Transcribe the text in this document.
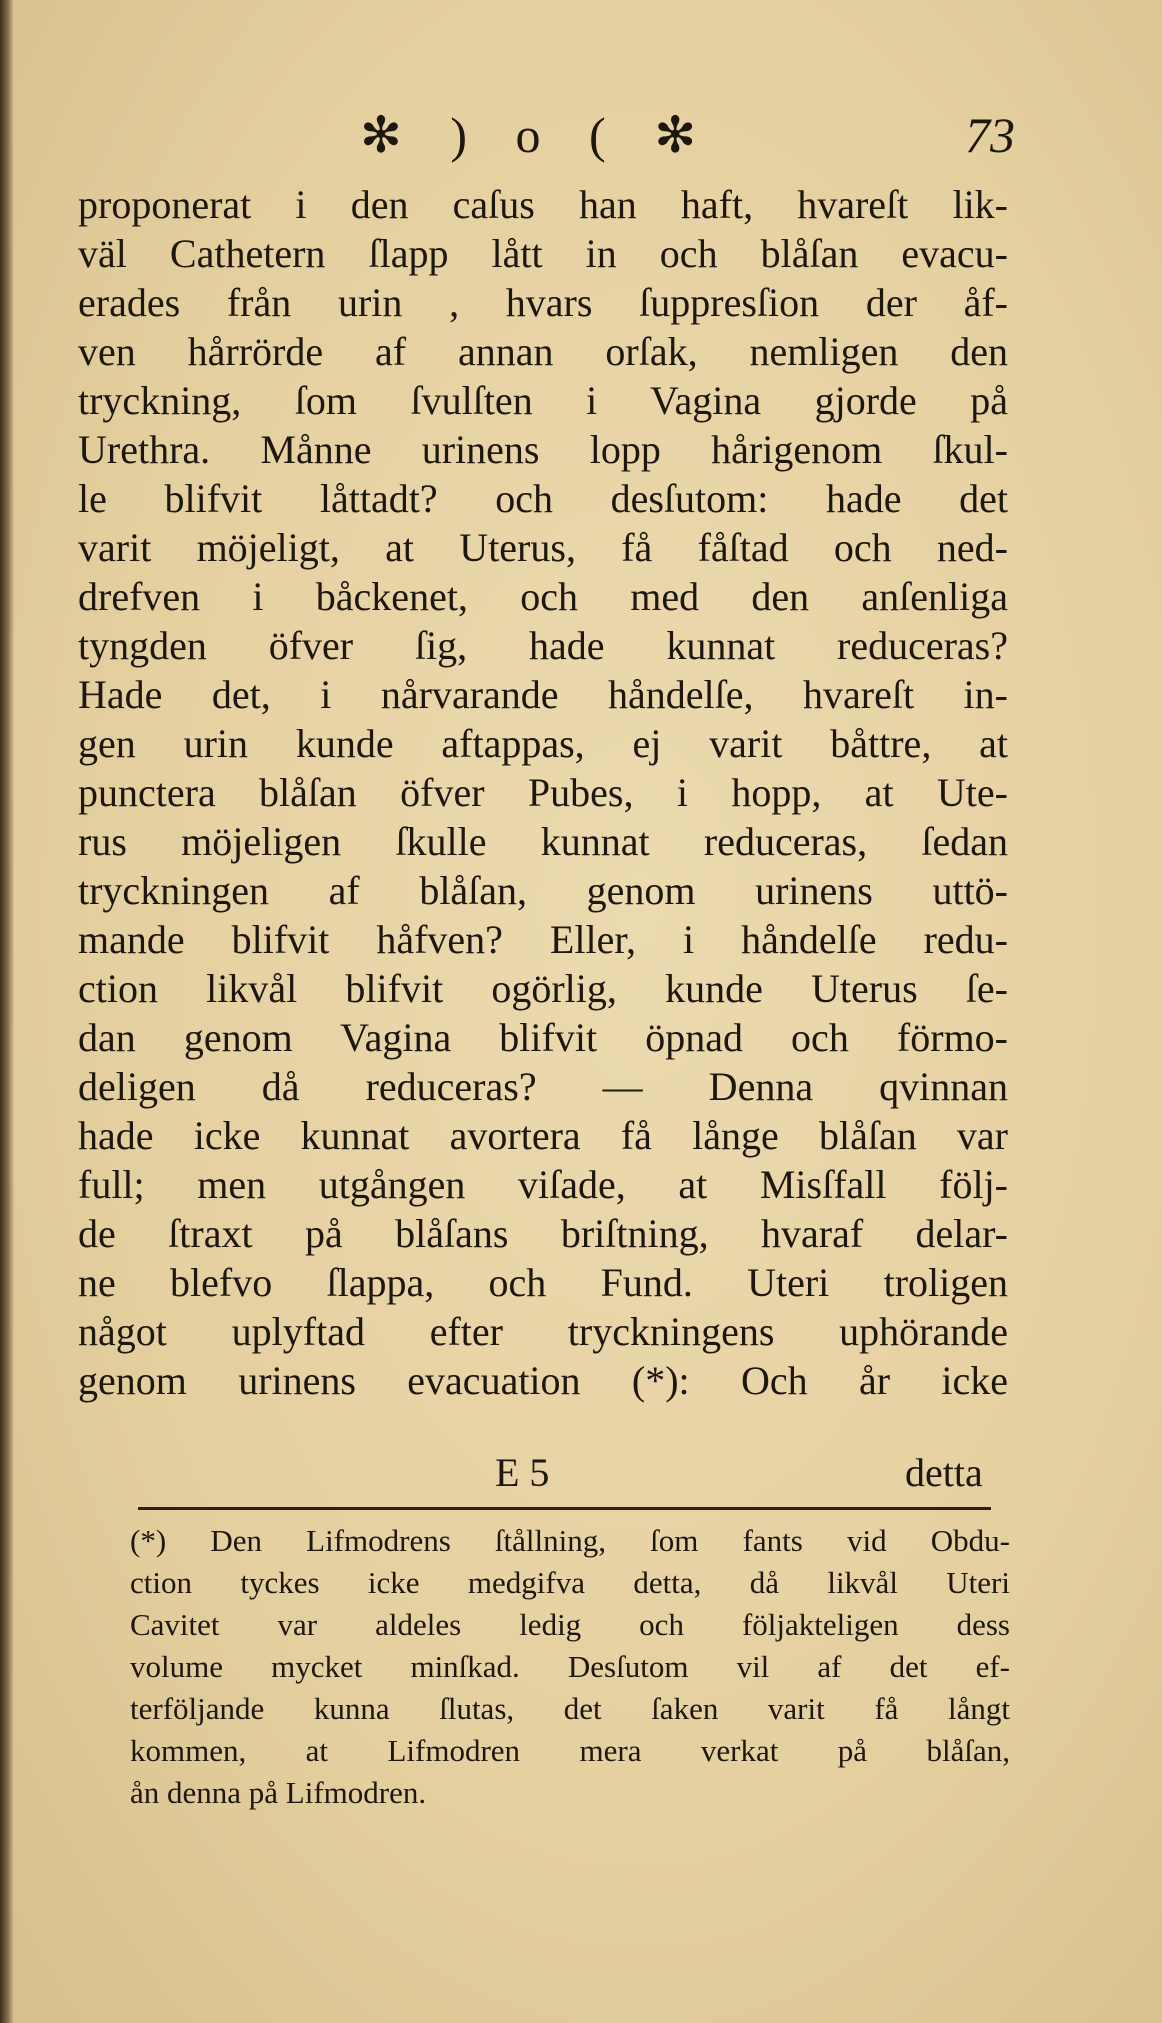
✻ ) o ( ✻	73
proponerat i den caſus han haft, hvareſt lik-
väl Cathetern ſlapp lått in och blåſan evacu-
erades från urin , hvars ſuppresſion der åf-
ven hårrörde af annan orſak, nemligen den
tryckning, ſom ſvulſten i Vagina gjorde på
Urethra. Månne urinens lopp hårigenom ſkul-
le blifvit låttadt? och desſutom: hade det
varit möjeligt, at Uterus, få fåſtad och ned-
drefven i båckenet, och med den anſenliga
tyngden öfver ſig, hade kunnat reduceras?
Hade det, i nårvarande håndelſe, hvareſt in-
gen urin kunde aftappas, ej varit båttre, at
punctera blåſan öfver Pubes, i hopp, at Ute-
rus möjeligen ſkulle kunnat reduceras, ſedan
tryckningen af blåſan, genom urinens uttö-
mande blifvit håfven? Eller, i håndelſe redu-
ction likvål blifvit ogörlig, kunde Uterus ſe-
dan genom Vagina blifvit öpnad och förmo-
deligen då reduceras? — Denna qvinnan
hade icke kunnat avortera få långe blåſan var
full; men utgången viſade, at Misſfall följ-
de ſtraxt på blåſans briſtning, hvaraf delar-
ne blefvo ſlappa, och Fund. Uteri troligen
något uplyftad efter tryckningens uphörande
genom urinens evacuation (*): Och år icke
E 5	detta
(*) Den Lifmodrens ſtållning, ſom fants vid Obdu-
ction tyckes icke medgifva detta, då likvål Uteri
Cavitet var aldeles ledig och följakteligen dess
volume mycket minſkad. Desſutom vil af det ef-
terföljande kunna ſlutas, det ſaken varit få långt
kommen, at Lifmodren mera verkat på blåſan,
ån denna på Lifmodren.
